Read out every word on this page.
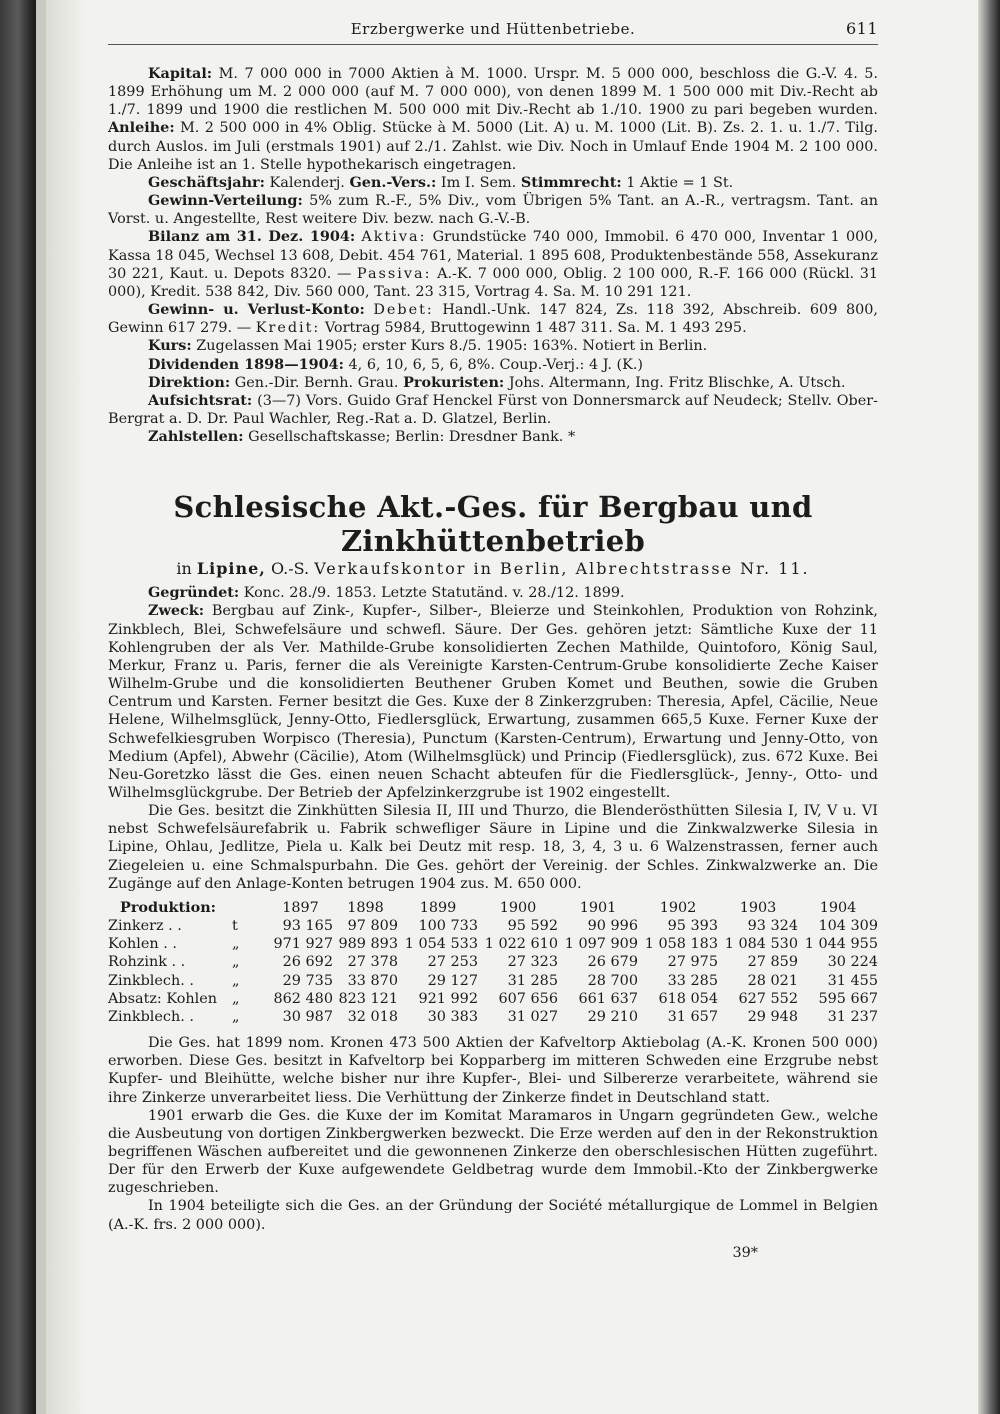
Erzbergwerke und Hüttenbetriebe.	611

Kapital: M. 7 000 000 in 7000 Aktien à M. 1000. Urspr. M. 5 000 000, beschloss die G.-V. 4. 5. 1899 Erhöhung um M. 2 000 000 (auf M. 7 000 000), von denen 1899 M. 1 500 000 mit Div.-Recht ab 1./7. 1899 und 1900 die restlichen M. 500 000 mit Div.-Recht ab 1./10. 1900 zu pari begeben wurden. Anleihe: M. 2 500 000 in 4% Oblig. Stücke à M. 5000 (Lit. A) u. M. 1000 (Lit. B). Zs. 2. 1. u. 1./7. Tilg. durch Auslos. im Juli (erstmals 1901) auf 2./1. Zahlst. wie Div. Noch in Umlauf Ende 1904 M. 2 100 000. Die Anleihe ist an 1. Stelle hypothekarisch eingetragen.

Geschäftsjahr: Kalenderj. Gen.-Vers.: Im I. Sem. Stimmrecht: 1 Aktie = 1 St.

Gewinn-Verteilung: 5% zum R.-F., 5% Div., vom Übrigen 5% Tant. an A.-R., vertragsm. Tant. an Vorst. u. Angestellte, Rest weitere Div. bezw. nach G.-V.-B.

Bilanz am 31. Dez. 1904: Aktiva: Grundstücke 740 000, Immobil. 6 470 000, Inventar 1 000, Kassa 18 045, Wechsel 13 608, Debit. 454 761, Material. 1 895 608, Produktenbestände 558, Assekuranz 30 221, Kaut. u. Depots 8320. — Passiva: A.-K. 7 000 000, Oblig. 2 100 000, R.-F. 166 000 (Rückl. 31 000), Kredit. 538 842, Div. 560 000, Tant. 23 315, Vortrag 4. Sa. M. 10 291 121.

Gewinn- u. Verlust-Konto: Debet: Handl.-Unk. 147 824, Zs. 118 392, Abschreib. 609 800, Gewinn 617 279. — Kredit: Vortrag 5984, Bruttogewinn 1 487 311. Sa. M. 1 493 295.

Kurs: Zugelassen Mai 1905; erster Kurs 8./5. 1905: 163%. Notiert in Berlin.

Dividenden 1898—1904: 4, 6, 10, 6, 5, 6, 8%. Coup.-Verj.: 4 J. (K.)

Direktion: Gen.-Dir. Bernh. Grau. Prokuristen: Johs. Altermann, Ing. Fritz Blischke, A. Utsch.

Aufsichtsrat: (3—7) Vors. Guido Graf Henckel Fürst von Donnersmarck auf Neudeck; Stellv. Ober-Bergrat a. D. Dr. Paul Wachler, Reg.-Rat a. D. Glatzel, Berlin.

Zahlstellen: Gesellschaftskasse; Berlin: Dresdner Bank. *

Schlesische Akt.-Ges. für Bergbau und Zinkhüttenbetrieb
in Lipine, O.-S. Verkaufskontor in Berlin, Albrechtstrasse Nr. 11.

Gegründet: Konc. 28./9. 1853. Letzte Statutänd. v. 28./12. 1899.

Zweck: Bergbau auf Zink-, Kupfer-, Silber-, Bleierze und Steinkohlen, Produktion von Rohzink, Zinkblech, Blei, Schwefelsäure und schwefl. Säure. Der Ges. gehören jetzt: Sämtliche Kuxe der 11 Kohlengruben der als Ver. Mathilde-Grube konsolidierten Zechen Mathilde, Quintoforo, König Saul, Merkur, Franz u. Paris, ferner die als Vereinigte Karsten-Centrum-Grube konsolidierte Zeche Kaiser Wilhelm-Grube und die konsolidierten Beuthener Gruben Komet und Beuthen, sowie die Gruben Centrum und Karsten. Ferner besitzt die Ges. Kuxe der 8 Zinkerzgruben: Theresia, Apfel, Cäcilie, Neue Helene, Wilhelmsglück, Jenny-Otto, Fiedlersglück, Erwartung, zusammen 665,5 Kuxe. Ferner Kuxe der Schwefelkiesgruben Worpisco (Theresia), Punctum (Karsten-Centrum), Erwartung und Jenny-Otto, von Medium (Apfel), Abwehr (Cäcilie), Atom (Wilhelmsglück) und Princip (Fiedlersglück), zus. 672 Kuxe. Bei Neu-Goretzko lässt die Ges. einen neuen Schacht abteufen für die Fiedlersglück-, Jenny-, Otto- und Wilhelmsglückgrube. Der Betrieb der Apfelzinkerzgrube ist 1902 eingestellt.

Die Ges. besitzt die Zinkhütten Silesia II, III und Thurzo, die Blenderösthütten Silesia I, IV, V u. VI nebst Schwefelsäurefabrik u. Fabrik schwefliger Säure in Lipine und die Zinkwalzwerke Silesia in Lipine, Ohlau, Jedlitze, Piela u. Kalk bei Deutz mit resp. 18, 3, 4, 3 u. 6 Walzenstrassen, ferner auch Ziegeleien u. eine Schmalspurbahn. Die Ges. gehört der Vereinig. der Schles. Zinkwalzwerke an. Die Zugänge auf den Anlage-Konten betrugen 1904 zus. M. 650 000.

Produktion:		1897	1898	1899	1900	1901	1902	1903	1904
Zinkerz . .	t	93 165	97 809	100 733	95 592	90 996	95 393	93 324	104 309
Kohlen . .	„	971 927	989 893	1 054 533	1 022 610	1 097 909	1 058 183	1 084 530	1 044 955
Rohzink . .	„	26 692	27 378	27 253	27 323	26 679	27 975	27 859	30 224
Zinkblech. .	„	29 735	33 870	29 127	31 285	28 700	33 285	28 021	31 455
Absatz: Kohlen	„	862 480	823 121	921 992	607 656	661 637	618 054	627 552	595 667
Zinkblech. .	„	30 987	32 018	30 383	31 027	29 210	31 657	29 948	31 237

Die Ges. hat 1899 nom. Kronen 473 500 Aktien der Kafveltorp Aktiebolag (A.-K. Kronen 500 000) erworben. Diese Ges. besitzt in Kafveltorp bei Kopparberg im mitteren Schweden eine Erzgrube nebst Kupfer- und Bleihütte, welche bisher nur ihre Kupfer-, Blei- und Silbererze verarbeitete, während sie ihre Zinkerze unverarbeitet liess. Die Verhüttung der Zinkerze findet in Deutschland statt.

1901 erwarb die Ges. die Kuxe der im Komitat Maramaros in Ungarn gegründeten Gew., welche die Ausbeutung von dortigen Zinkbergwerken bezweckt. Die Erze werden auf den in der Rekonstruktion begriffenen Wäschen aufbereitet und die gewonnenen Zinkerze den oberschlesischen Hütten zugeführt. Der für den Erwerb der Kuxe aufgewendete Geldbetrag wurde dem Immobil.-Kto der Zinkbergwerke zugeschrieben.

In 1904 beteiligte sich die Ges. an der Gründung der Société métallurgique de Lommel in Belgien (A.-K. frs. 2 000 000).

39*
